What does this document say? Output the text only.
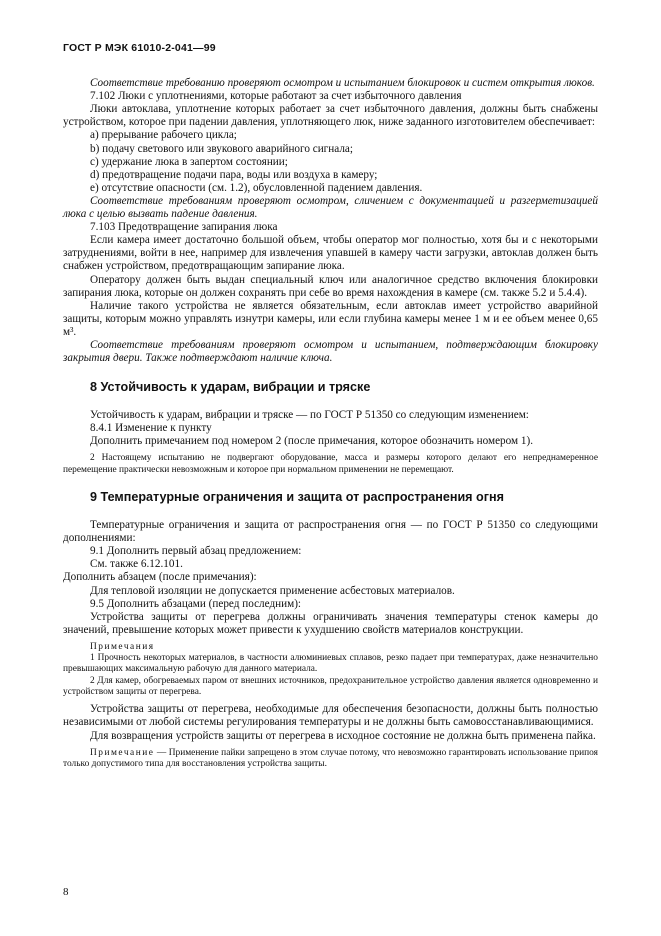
ГОСТ Р МЭК 61010-2-041—99

Соответствие требованию проверяют осмотром и испытанием блокировок и систем открытия люков.

7.102 Люки с уплотнениями, которые работают за счет избыточного давления

Люки автоклава, уплотнение которых работает за счет избыточного давления, должны быть снабжены устройством, которое при падении давления, уплотняющего люк, ниже заданного изготовителем обеспечивает:

a) прерывание рабочего цикла;

b) подачу светового или звукового аварийного сигнала;

c) удержание люка в запертом состоянии;

d) предотвращение подачи пара, воды или воздуха в камеру;

e) отсутствие опасности (см. 1.2), обусловленной падением давления.

Соответствие требованиям проверяют осмотром, сличением с документацией и разгерметизацией люка с целью вызвать падение давления.

7.103 Предотвращение запирания люка

Если камера имеет достаточно большой объем, чтобы оператор мог полностью, хотя бы и с некоторыми затруднениями, войти в нее, например для извлечения упавшей в камеру части загрузки, автоклав должен быть снабжен устройством, предотвращающим запирание люка.

Оператору должен быть выдан специальный ключ или аналогичное средство включения блокировки запирания люка, которые он должен сохранять при себе во время нахождения в камере (см. также 5.2 и 5.4.4).

Наличие такого устройства не является обязательным, если автоклав имеет устройство аварийной защиты, которым можно управлять изнутри камеры, или если глубина камеры менее 1 м и ее объем менее 0,65 м³.

Соответствие требованиям проверяют осмотром и испытанием, подтверждающим блокировку закрытия двери. Также подтверждают наличие ключа.

8 Устойчивость к ударам, вибрации и тряске

Устойчивость к ударам, вибрации и тряске — по ГОСТ Р 51350 со следующим изменением:

8.4.1 Изменение к пункту

Дополнить примечанием под номером 2 (после примечания, которое обозначить номером 1).

2 Настоящему испытанию не подвергают оборудование, масса и размеры которого делают его непреднамеренное перемещение практически невозможным и которое при нормальном применении не перемещают.

9 Температурные ограничения и защита от распространения огня

Температурные ограничения и защита от распространения огня — по ГОСТ Р 51350 со следующими дополнениями:

9.1 Дополнить первый абзац предложением:

См. также 6.12.101.

Дополнить абзацем (после примечания):

Для тепловой изоляции не допускается применение асбестовых материалов.

9.5 Дополнить абзацами (перед последним):

Устройства защиты от перегрева должны ограничивать значения температуры стенок камеры до значений, превышение которых может привести к ухудшению свойств материалов конструкции.

Примечания

1 Прочность некоторых материалов, в частности алюминиевых сплавов, резко падает при температурах, даже незначительно превышающих максимальную рабочую для данного материала.

2 Для камер, обогреваемых паром от внешних источников, предохранительное устройство давления является одновременно и устройством защиты от перегрева.

Устройства защиты от перегрева, необходимые для обеспечения безопасности, должны быть полностью независимыми от любой системы регулирования температуры и не должны быть самовосстанавливающимися.

Для возвращения устройств защиты от перегрева в исходное состояние не должна быть применена пайка.

Примечание — Применение пайки запрещено в этом случае потому, что невозможно гарантировать использование припоя только допустимого типа для восстановления устройства защиты.

8
